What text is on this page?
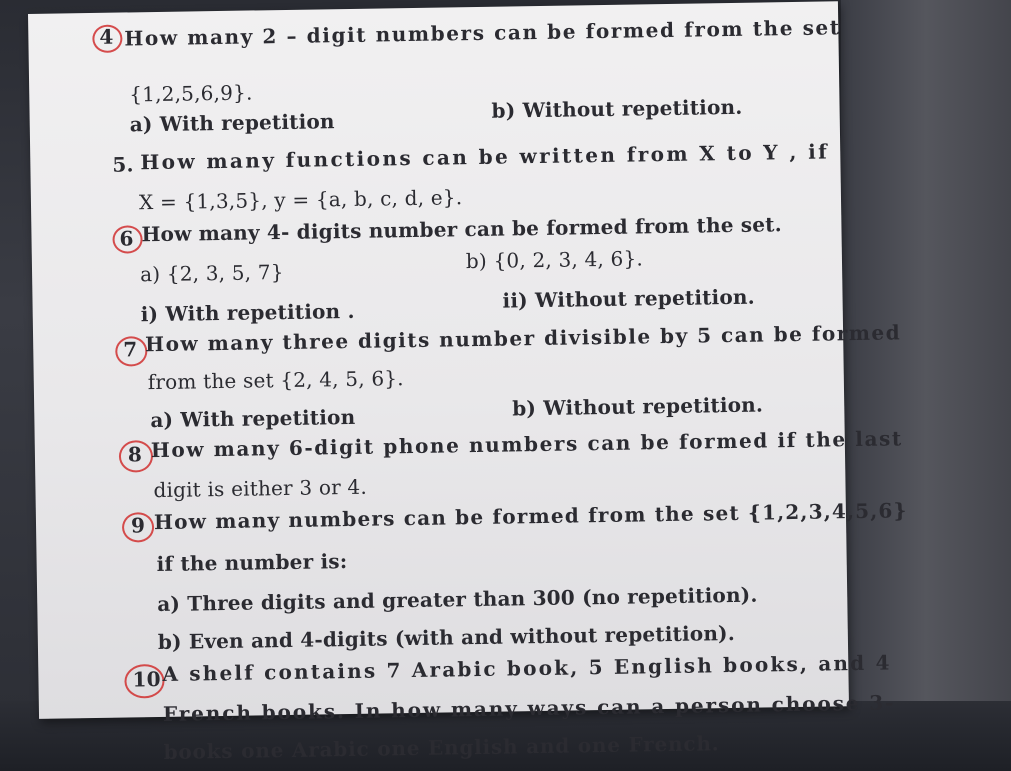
4 How many 2 – digit numbers can be formed from the set
{1,2,5,6,9}.
a) With repetition
b) Without repetition.
5. How many functions can be written from X to Y , if
X = {1,3,5}, y = {a, b, c, d, e}.
6 How many 4- digits number can be formed from the set.
a) {2, 3, 5, 7}	b) {0, 2, 3, 4, 6}.
i) With repetition .
ii) Without repetition.
7 How many three digits number divisible by 5 can be formed
from the set {2, 4, 5, 6}.
a) With repetition	b) Without repetition.
8 How many 6-digit phone numbers can be formed if the last
digit is either 3 or 4.
9 How many numbers can be formed from the set {1,2,3,4,5,6}
if the number is:
a) Three digits and greater than 300 (no repetition).
b) Even and 4-digits (with and without repetition).
10 A shelf contains 7 Arabic book, 5 English books, and 4
French books. In how many ways can a person choose 3-
books one Arabic one English and one French.
